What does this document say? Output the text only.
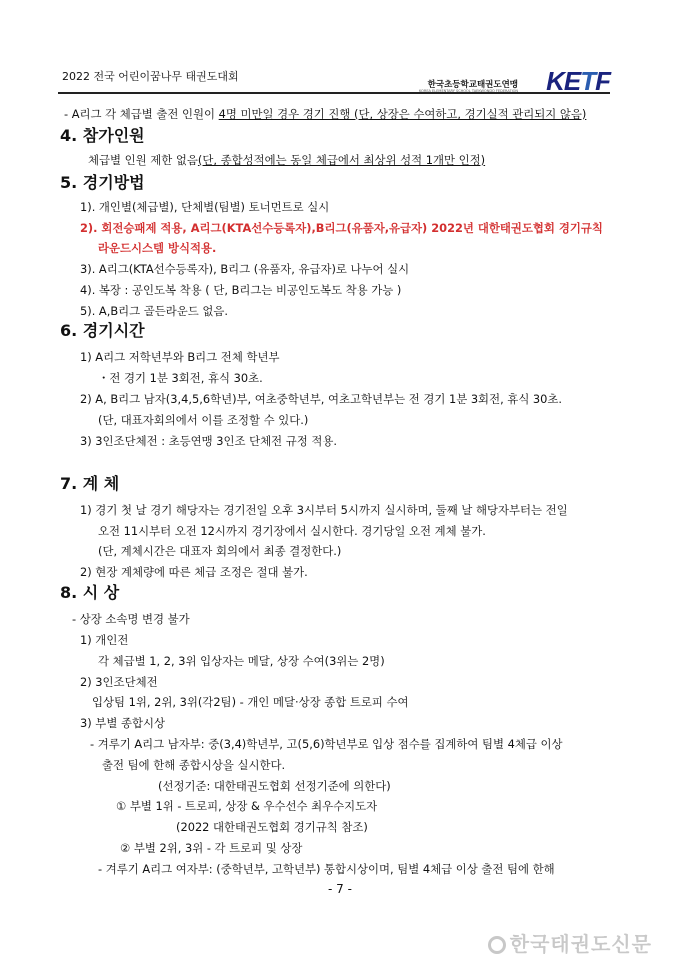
2022 전국 어린이꿈나무 태권도대회
한국초등학교태권도연맹
KOREA ELEMENTARY SCHOOL TAEKWONDO FEDERATION KETF
- A리그 각 체급별 출전 인원이 4명 미만일 경우 경기 진행 (단, 상장은 수여하고, 경기실적 관리되지 않음)
4. 참가인원
체급별 인원 제한 없음(단, 종합성적에는 동일 체급에서 최상위 성적 1개만 인정)
5. 경기방법
1). 개인별(체급별), 단체별(팀별) 토너먼트로 실시
2). 회전승패제 적용, A리그(KTA선수등록자),B리그(유품자,유급자) 2022년 대한태권도협회 경기규칙
라운드시스템 방식적용.
3). A리그(KTA선수등록자), B리그 (유품자, 유급자)로 나누어 실시
4). 복장 : 공인도복 착용 ( 단, B리그는 비공인도복도 착용 가능 )
5). A,B리그 골든라운드 없음.
6. 경기시간
1) A리그 저학년부와 B리그 전체 학년부
・전 경기 1분 3회전, 휴식 30초.
2) A, B리그 남자(3,4,5,6학년)부, 여초중학년부, 여초고학년부는 전 경기 1분 3회전, 휴식 30초.
(단, 대표자회의에서 이를 조정할 수 있다.)
3) 3인조단체전 : 초등연맹 3인조 단체전 규정 적용.
7. 계 체
1) 경기 첫 날 경기 해당자는 경기전일 오후 3시부터 5시까지 실시하며, 둘째 날 해당자부터는 전일
오전 11시부터 오전 12시까지 경기장에서 실시한다. 경기당일 오전 계체 불가.
(단, 계체시간은 대표자 회의에서 최종 결정한다.)
2) 현장 계체량에 따른 체급 조정은 절대 불가.
8. 시 상
- 상장 소속명 변경 불가
1) 개인전
각 체급별 1, 2, 3위 입상자는 메달, 상장 수여(3위는 2명)
2) 3인조단체전
입상팀 1위, 2위, 3위(각2팀) - 개인 메달·상장 종합 트로피 수여
3) 부별 종합시상
- 겨루기 A리그 남자부: 중(3,4)학년부, 고(5,6)학년부로 입상 점수를 집계하여 팀별 4체급 이상
출전 팀에 한해 종합시상을 실시한다.
(선정기준: 대한태권도협회 선정기준에 의한다)
① 부별 1위 - 트로피, 상장 & 우수선수 최우수지도자
(2022 대한태권도협회 경기규칙 참조)
② 부별 2위, 3위 - 각 트로피 및 상장
- 겨루기 A리그 여자부: (중학년부, 고학년부) 통합시상이며, 팀별 4체급 이상 출전 팀에 한해
- 7 -
한국태권도신문
